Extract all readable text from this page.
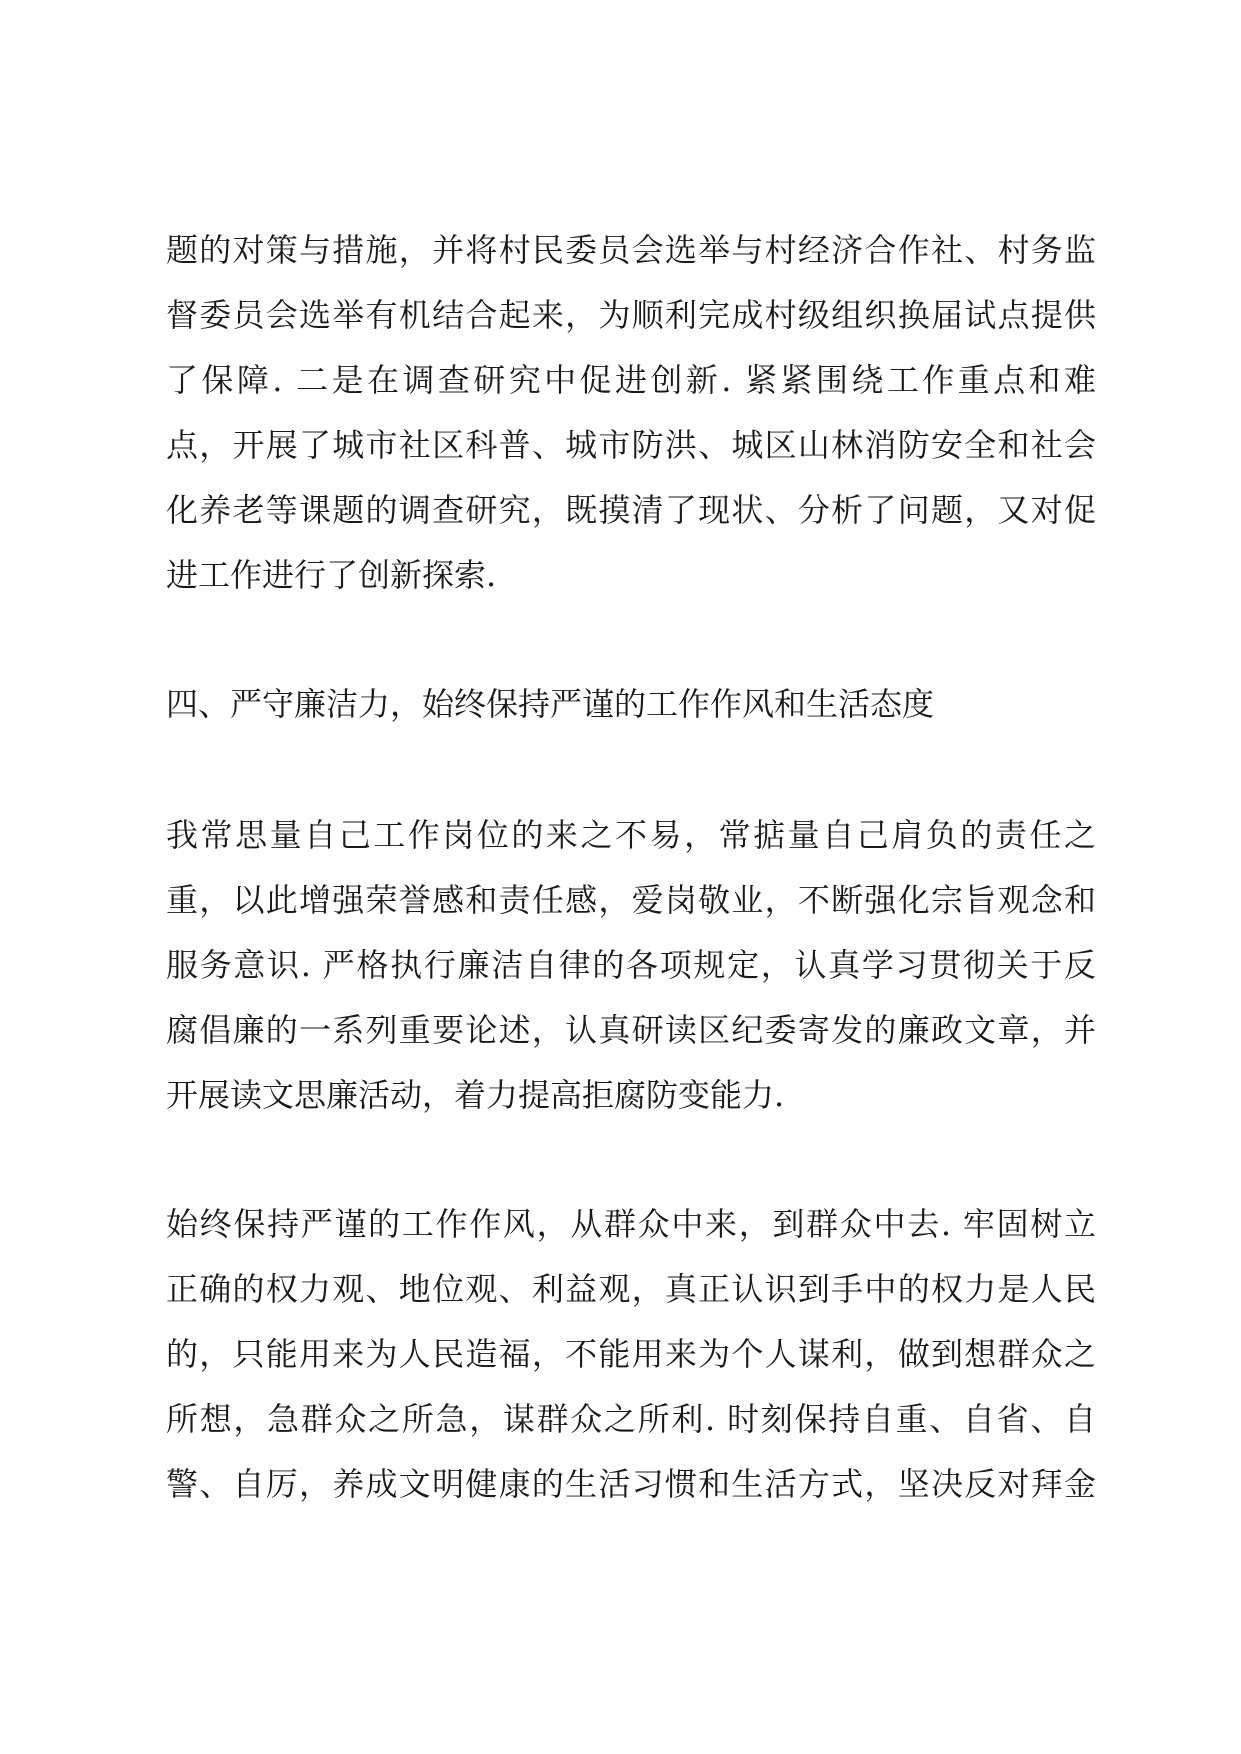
题的对策与措施，并将村民委员会选举与村经济合作社、村务监
督委员会选举有机结合起来，为顺利完成村级组织换届试点提供
了保障. 二是在调查研究中促进创新. 紧紧围绕工作重点和难
点，开展了城市社区科普、城市防洪、城区山林消防安全和社会
化养老等课题的调查研究，既摸清了现状、分析了问题，又对促
进工作进行了创新探索.
四、严守廉洁力，始终保持严谨的工作作风和生活态度
我常思量自己工作岗位的来之不易，常掂量自己肩负的责任之
重，以此增强荣誉感和责任感，爱岗敬业，不断强化宗旨观念和
服务意识. 严格执行廉洁自律的各项规定，认真学习贯彻关于反
腐倡廉的一系列重要论述，认真研读区纪委寄发的廉政文章，并
开展读文思廉活动，着力提高拒腐防变能力.
始终保持严谨的工作作风，从群众中来，到群众中去. 牢固树立
正确的权力观、地位观、利益观，真正认识到手中的权力是人民
的，只能用来为人民造福，不能用来为个人谋利，做到想群众之
所想，急群众之所急，谋群众之所利. 时刻保持自重、自省、自
警、自厉，养成文明健康的生活习惯和生活方式，坚决反对拜金
